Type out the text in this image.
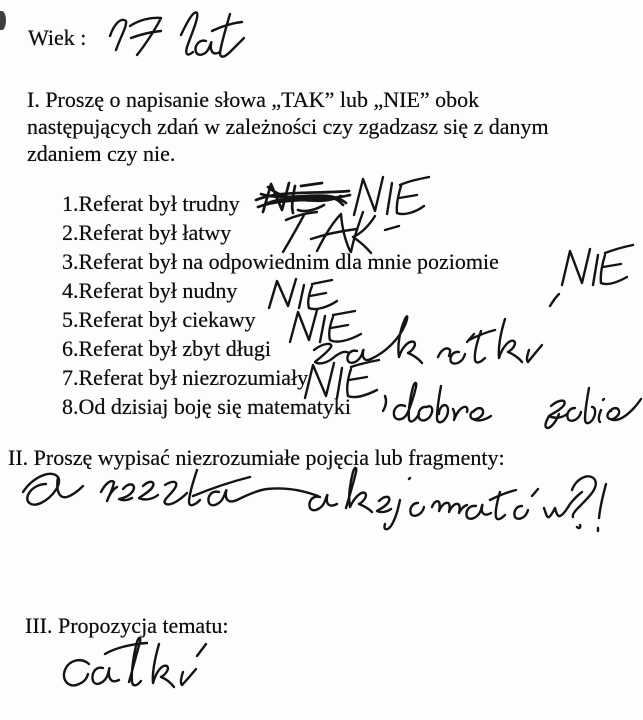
Wiek :
I. Proszę o napisanie słowa „TAK” lub „NIE” obok
następujących zdań w zależności czy zgadzasz się z danym
zdaniem czy nie.
1.Referat był trudny
2.Referat był łatwy
3.Referat był na odpowiednim dla mnie poziomie
4.Referat był nudny
5.Referat był ciekawy
6.Referat był zbyt długi
7.Referat był niezrozumiały
8.Od dzisiaj boję się matematyki
II. Proszę wypisać niezrozumiałe pojęcia lub fragmenty:
III. Propozycja tematu:
